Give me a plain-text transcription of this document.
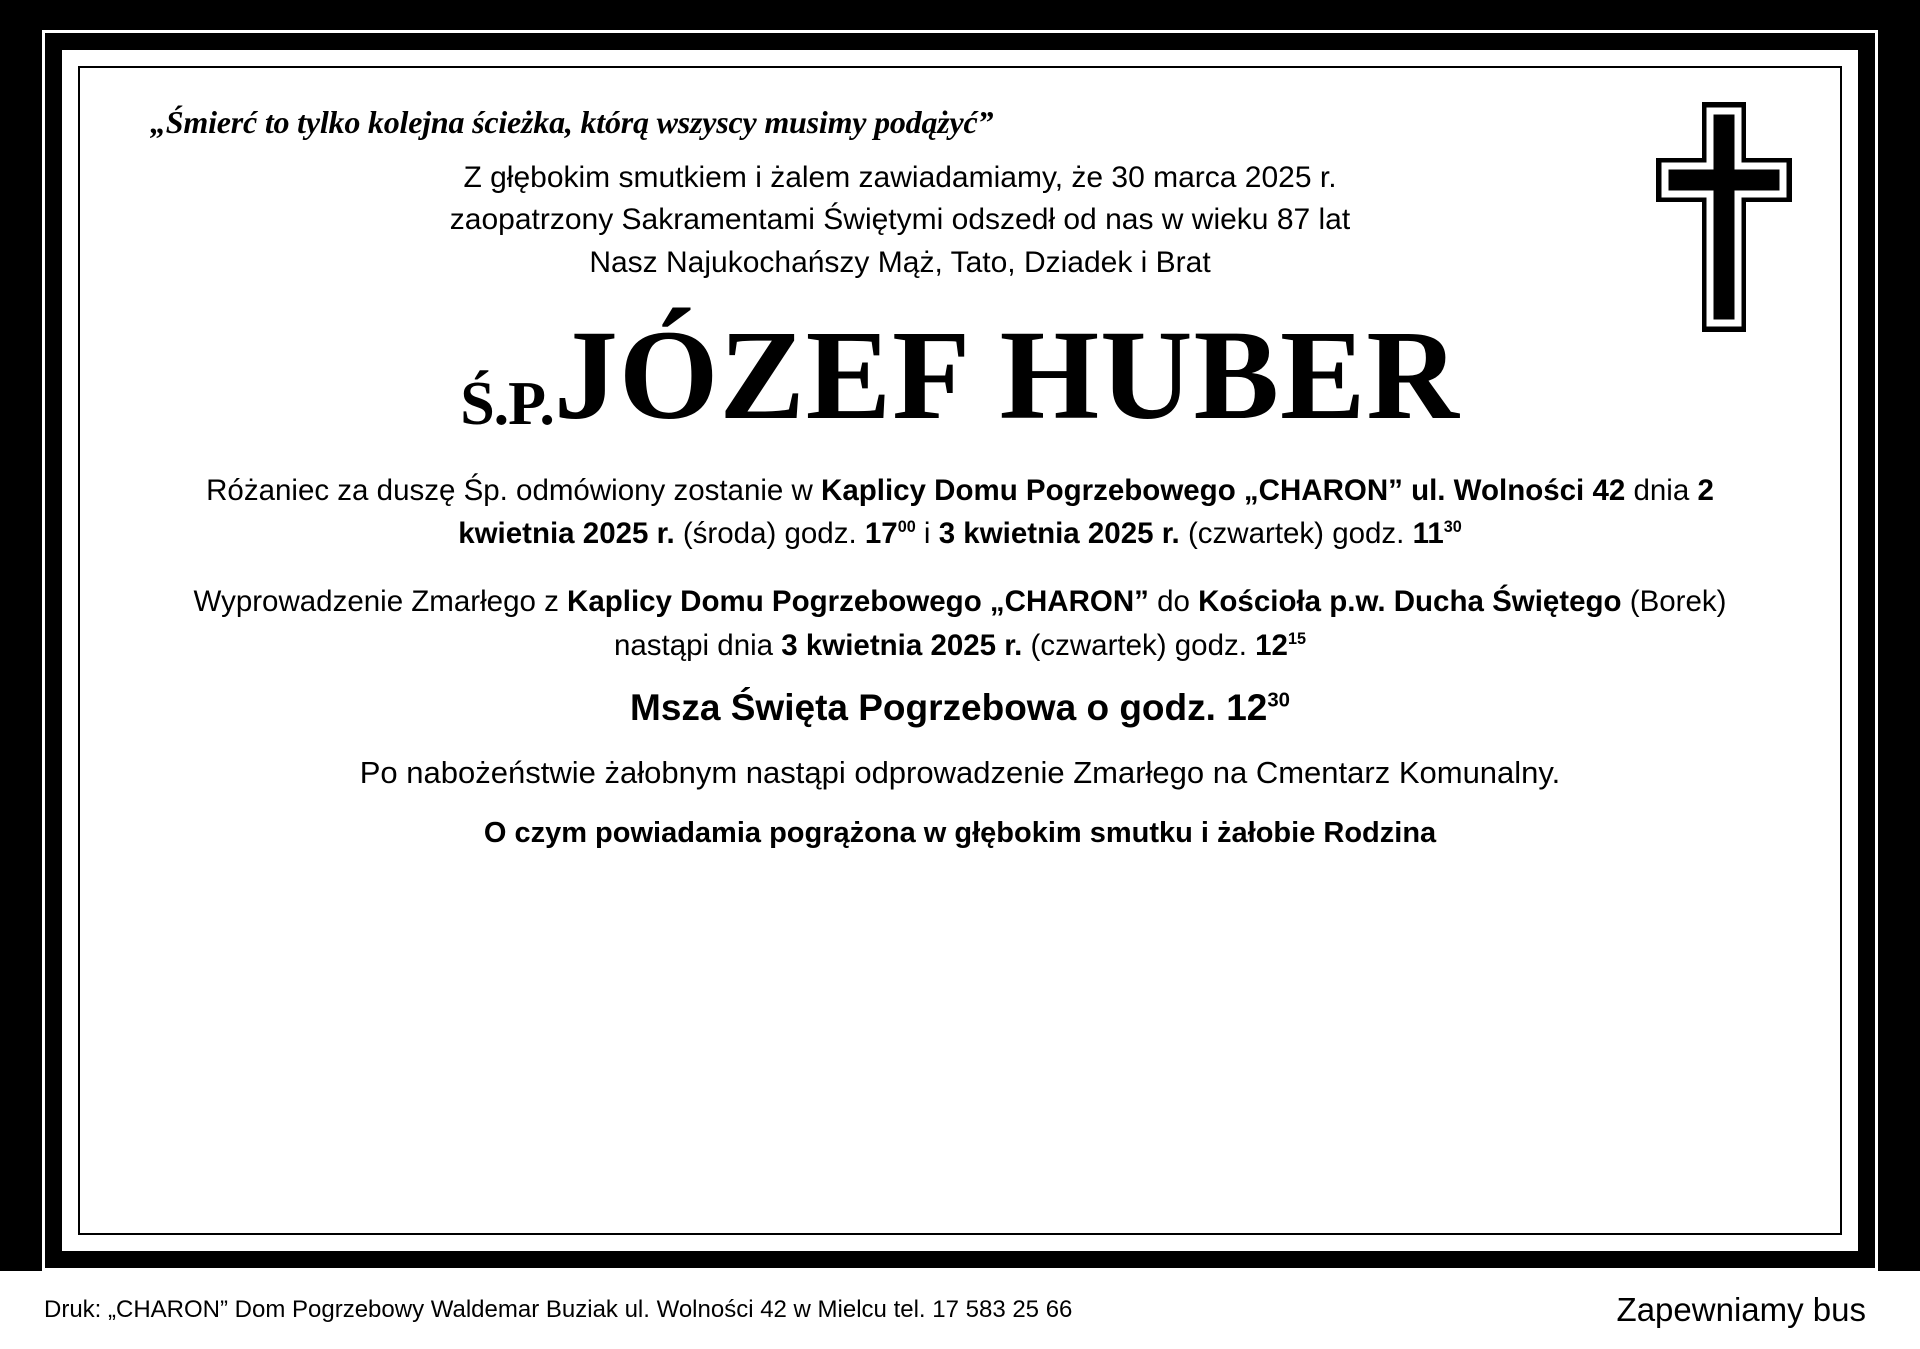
„Śmierć to tylko kolejna ścieżka, którą wszyscy musimy podążyć”
Z głębokim smutkiem i żalem zawiadamiamy, że 30 marca 2025 r.
zaopatrzony Sakramentami Świętymi odszedł od nas w wieku 87 lat
Nasz Najukochańszy Mąż, Tato, Dziadek i Brat
Ś.P. JÓZEF HUBER
Różaniec za duszę Śp. odmówiony zostanie w Kaplicy Domu Pogrzebowego „CHARON” ul. Wolności 42 dnia 2 kwietnia 2025 r. (środa) godz. $17^{00}$ i 3 kwietnia 2025 r. (czwartek) godz. $11^{30}$
Wyprowadzenie Zmarłego z Kaplicy Domu Pogrzebowego „CHARON” do Kościoła p.w. Ducha Świętego (Borek) nastąpi dnia 3 kwietnia 2025 r. (czwartek) godz. $12^{15}$
Msza Święta Pogrzebowa o godz. $12^{30}$
Po nabożeństwie żałobnym nastąpi odprowadzenie Zmarłego na Cmentarz Komunalny.
O czym powiadamia pogrążona w głębokim smutku i żałobie Rodzina
Druk: „CHARON” Dom Pogrzebowy Waldemar Buziak ul. Wolności 42 w Mielcu tel. 17 583 25 66	Zapewniamy bus
